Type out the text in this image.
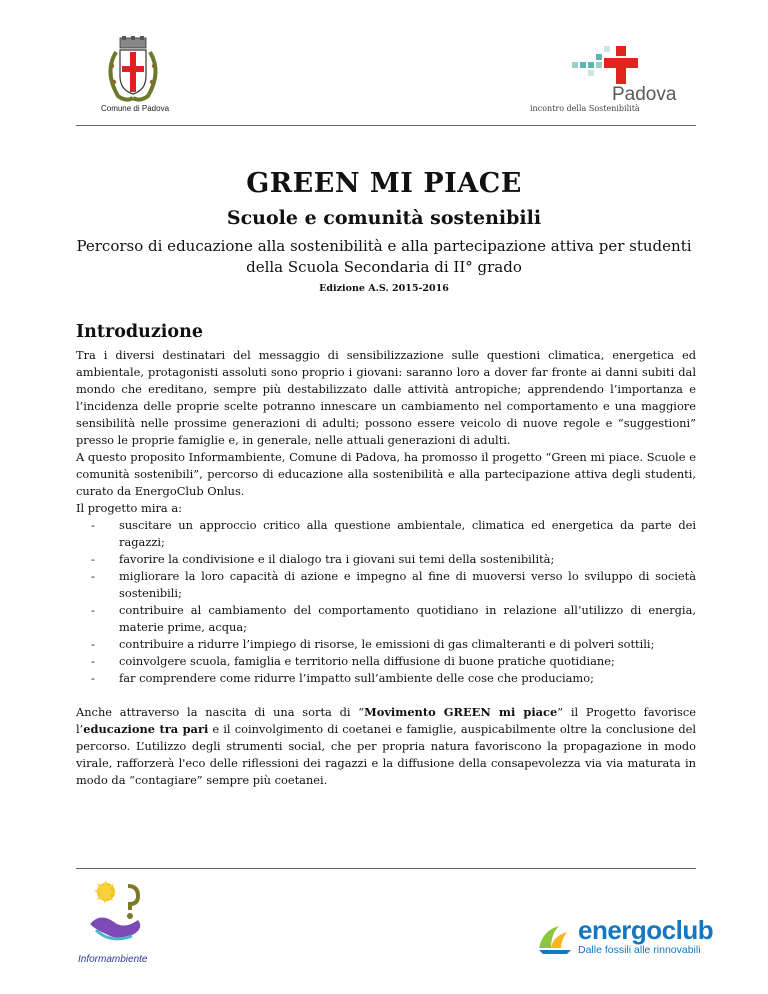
Comune di Padova
Padova
incontro della Sostenibilità
GREEN MI PIACE
Scuole e comunità sostenibili
Percorso di educazione alla sostenibilità e alla partecipazione attiva per studenti della Scuola Secondaria di II° grado
Edizione A.S. 2015-2016
Introduzione

Tra i diversi destinatari del messaggio di sensibilizzazione sulle questioni climatica, energetica ed ambientale, protagonisti assoluti sono proprio i giovani: saranno loro a dover far fronte ai danni subiti dal mondo che ereditano, sempre più destabilizzato dalle attività antropiche; apprendendo l’importanza e l’incidenza delle proprie scelte potranno innescare un cambiamento nel comportamento e una maggiore sensibilità nelle prossime generazioni di adulti; possono essere veicolo di nuove regole e “suggestioni” presso le proprie famiglie e, in generale, nelle attuali generazioni di adulti.

A questo proposito Informambiente, Comune di Padova, ha promosso il progetto “Green mi piace. Scuole e comunità sostenibili”, percorso di educazione alla sostenibilità e alla partecipazione attiva degli studenti, curato da EnergoClub Onlus.

Il progetto mira a:

- suscitare un approccio critico alla questione ambientale, climatica ed energetica da parte dei ragazzi;
- favorire la condivisione e il dialogo tra i giovani sui temi della sostenibilità;
- migliorare la loro capacità di azione e impegno al fine di muoversi verso lo sviluppo di società sostenibili;
- contribuire al cambiamento del comportamento quotidiano in relazione all’utilizzo di energia, materie prime, acqua;
- contribuire a ridurre l’impiego di risorse, le emissioni di gas climalteranti e di polveri sottili;
- coinvolgere scuola, famiglia e territorio nella diffusione di buone pratiche quotidiane;
- far comprendere come ridurre l’impatto sull’ambiente delle cose che produciamo;

Anche attraverso la nascita di una sorta di “Movimento GREEN mi piace” il Progetto favorisce l’educazione tra pari e il coinvolgimento di coetanei e famiglie, auspicabilmente oltre la conclusione del percorso. L’utilizzo degli strumenti social, che per propria natura favoriscono la propagazione in modo virale, rafforzerà l'eco delle riflessioni dei ragazzi e la diffusione della consapevolezza via via maturata in modo da “contagiare” sempre più coetanei.

Informambiente
energoclub
Dalle fossili alle rinnovabili
